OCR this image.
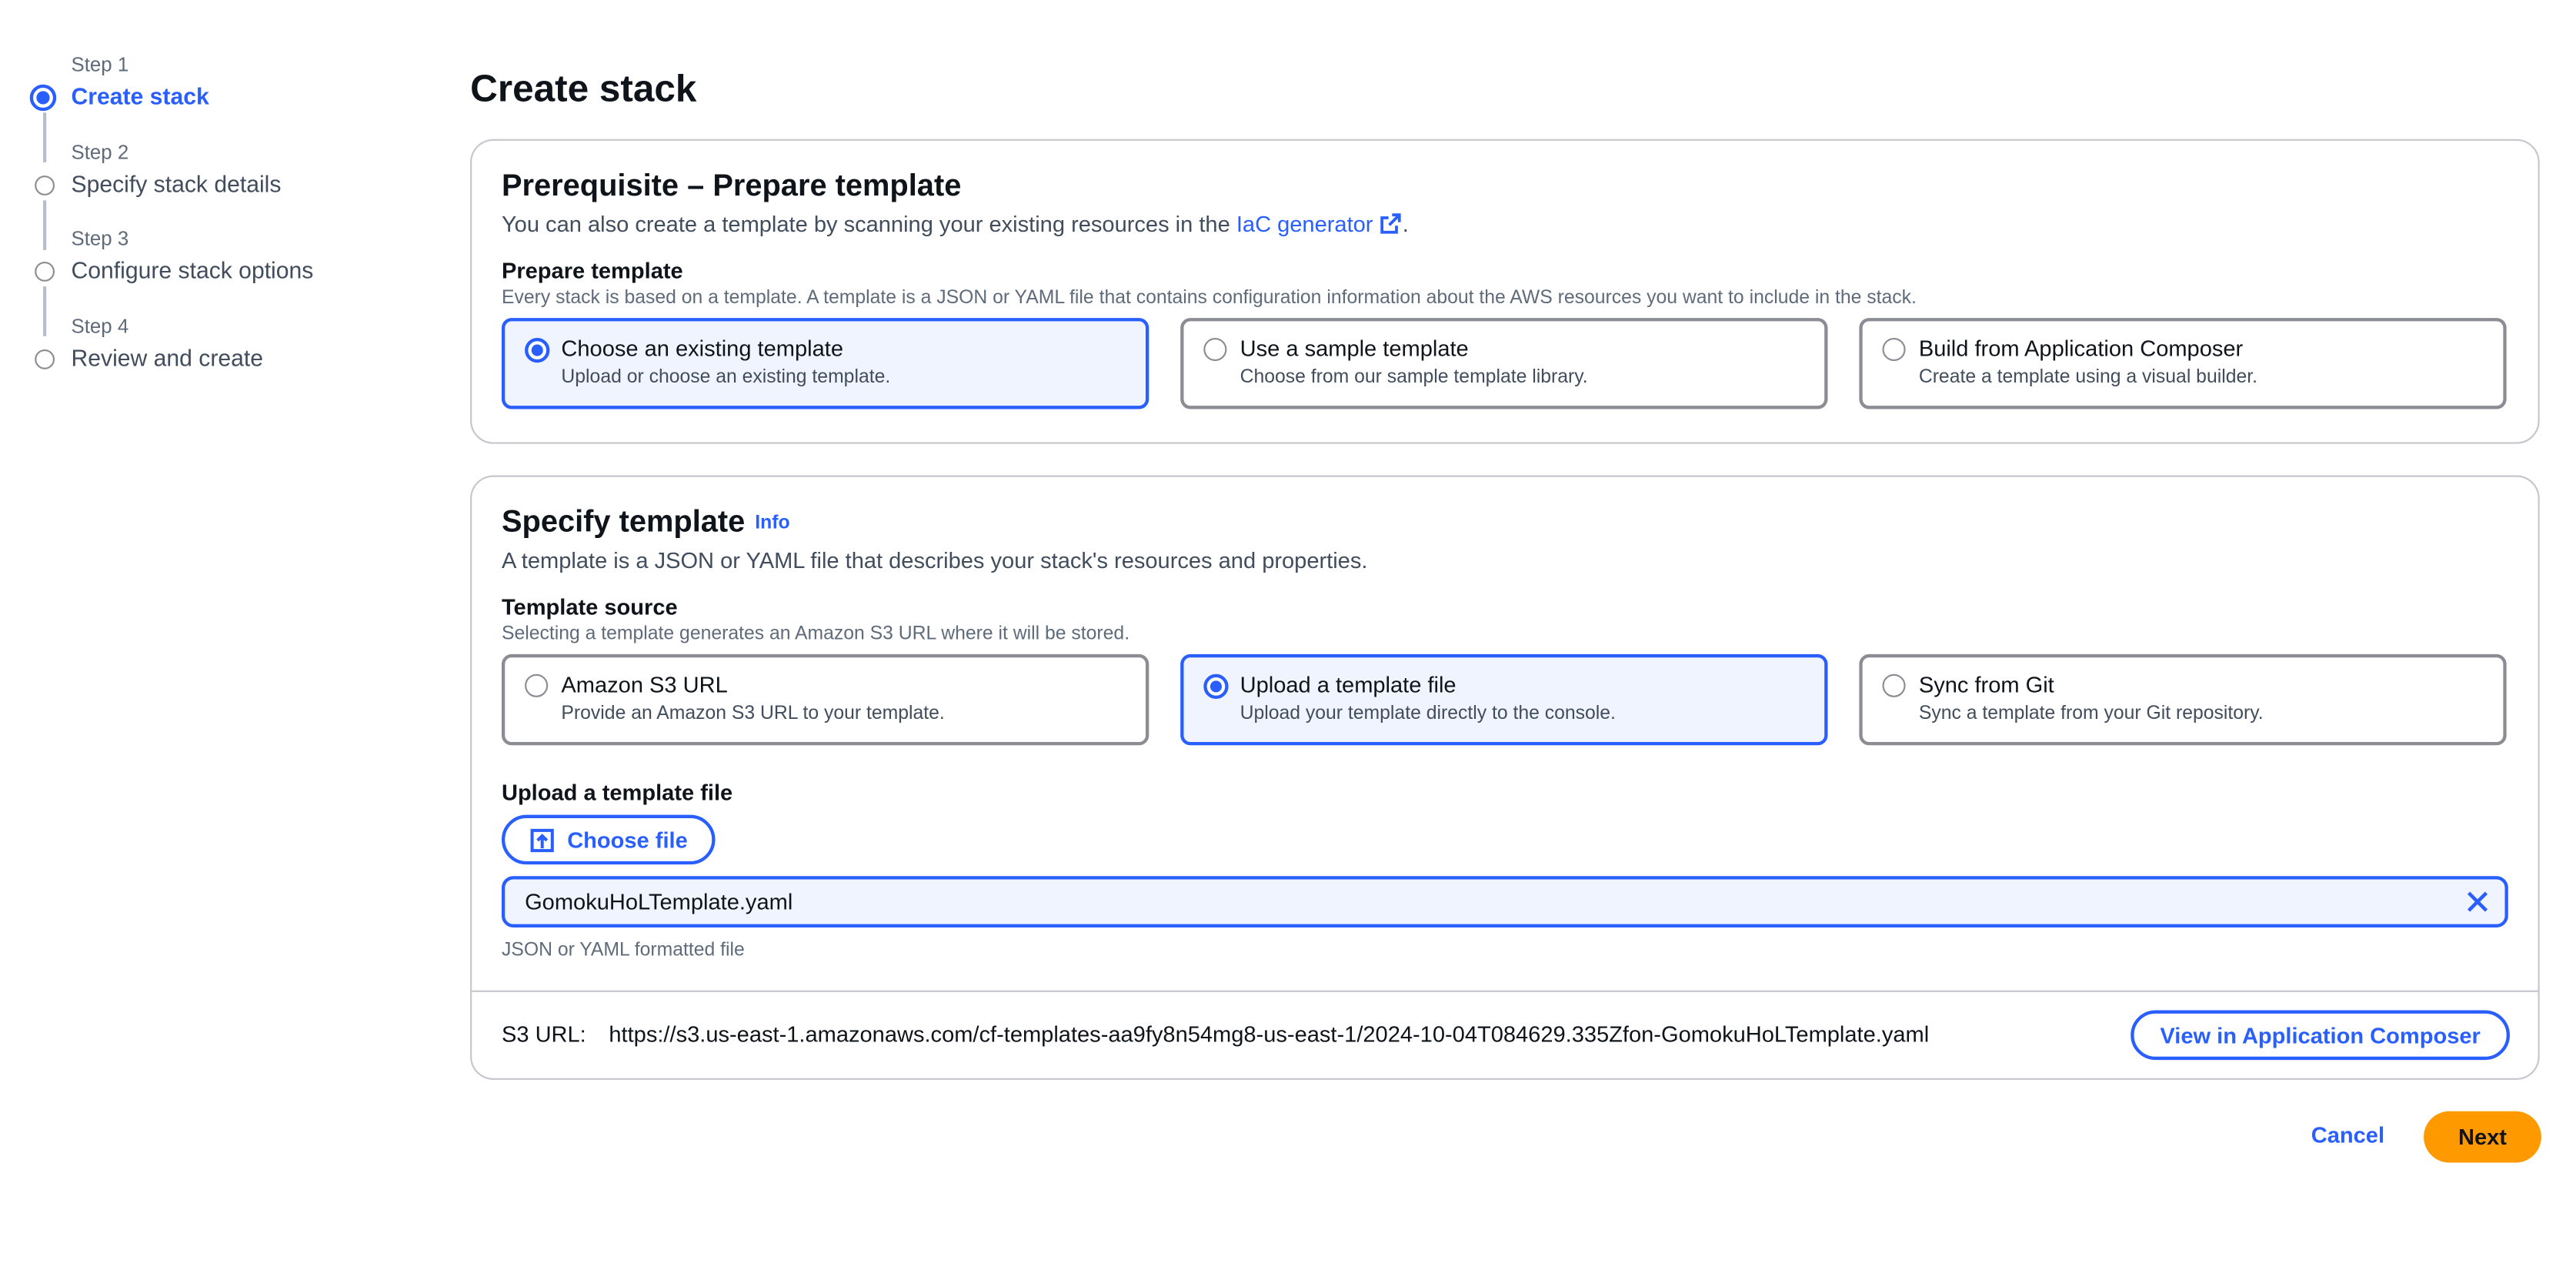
Step 1
Create stack
Step 2
Specify stack details
Step 3
Configure stack options
Step 4
Review and create
Create stack
Prerequisite – Prepare template
You can also create a template by scanning your existing resources in the IaC generator	.
Prepare template
Every stack is based on a template. A template is a JSON or YAML file that contains configuration information about the AWS resources you want to include in the stack.
Choose an existing template
Upload or choose an existing template.
Use a sample template
Choose from our sample template library.
Build from Application Composer
Create a template using a visual builder.
Specify template Info
A template is a JSON or YAML file that describes your stack's resources and properties.
Template source
Selecting a template generates an Amazon S3 URL where it will be stored.
Amazon S3 URL
Provide an Amazon S3 URL to your template.
Upload a template file
Upload your template directly to the console.
Sync from Git
Sync a template from your Git repository.
Upload a template file
Choose file
GomokuHoLTemplate.yaml
JSON or YAML formatted file
S3 URL: https://s3.us-east-1.amazonaws.com/cf-templates-aa9fy8n54mg8-us-east-1/2024-10-04T084629.335Zfon-GomokuHoLTemplate.yaml	View in Application Composer
Cancel	Next
